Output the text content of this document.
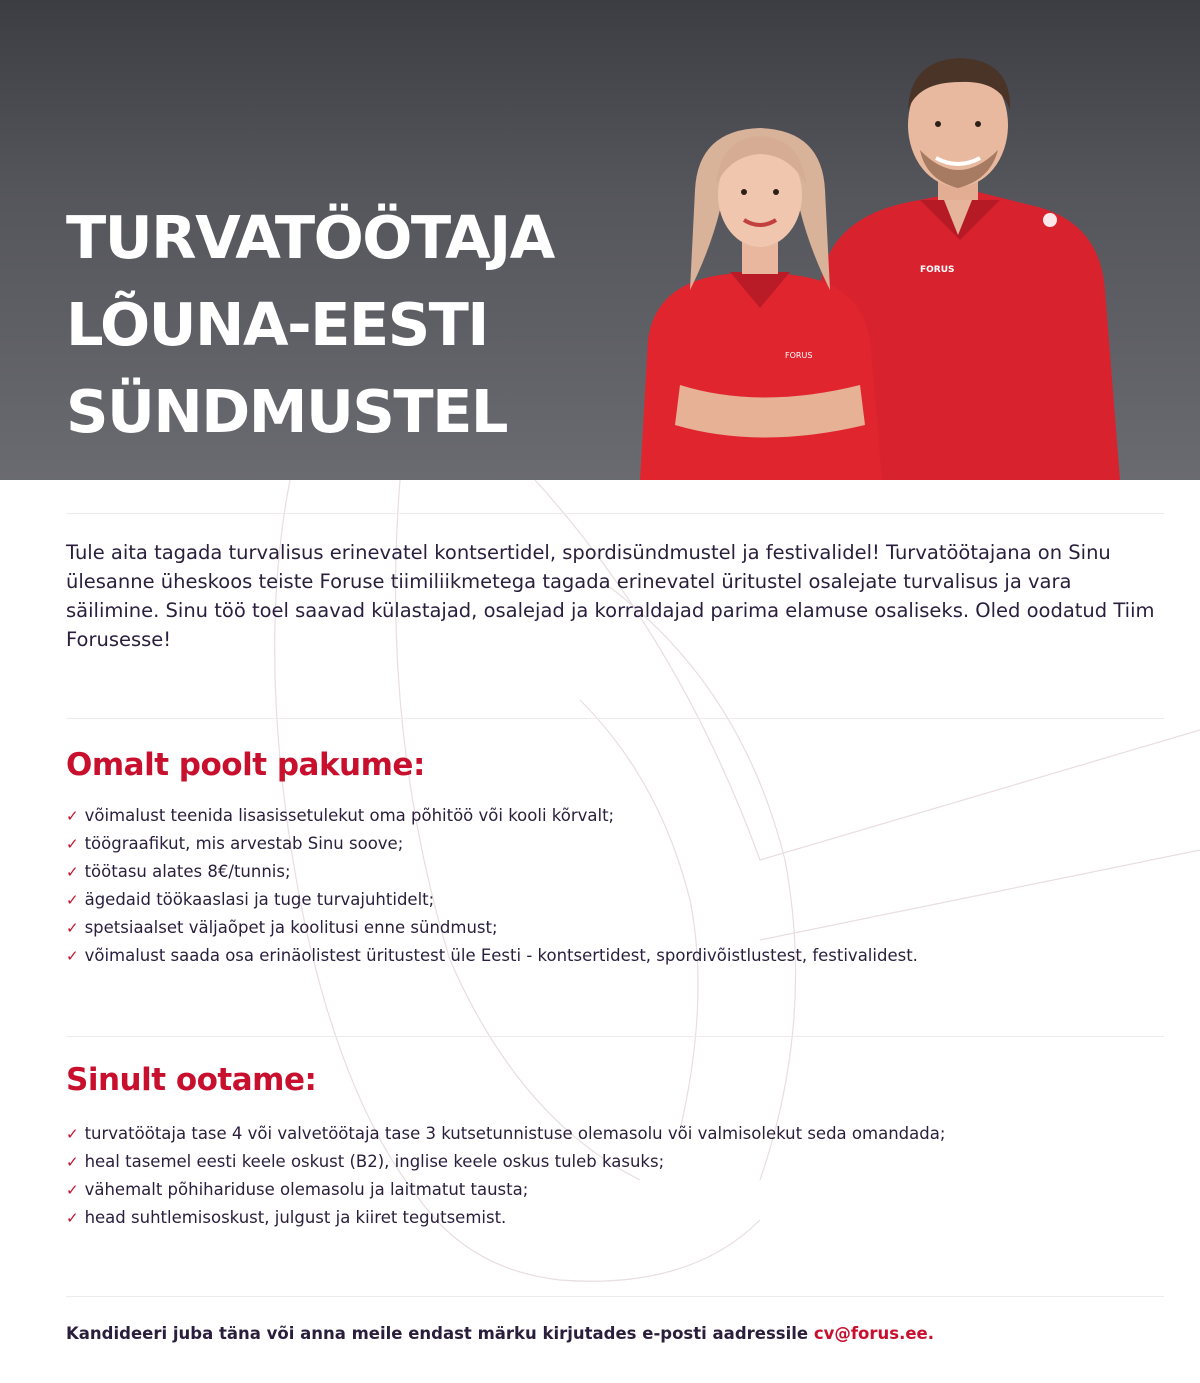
TURVATÖÖTAJA
LÕUNA-EESTI
SÜNDMUSTEL
FORUS
FORUS

Tule aita tagada turvalisus erinevatel kontsertidel, spordisündmustel ja festivalidel! Turvatöötajana on Sinu ülesanne üheskoos teiste Foruse tiimiliikmetega tagada erinevatel üritustel osalejate turvalisus ja vara säilimine. Sinu töö toel saavad külastajad, osalejad ja korraldajad parima elamuse osaliseks. Oled oodatud Tiim Forusesse!

Omalt poolt pakume:
✓ võimalust teenida lisasissetulekut oma põhitöö või kooli kõrvalt;
✓ töögraafikut, mis arvestab Sinu soove;
✓ töötasu alates 8€/tunnis;
✓ ägedaid töökaaslasi ja tuge turvajuhtidelt;
✓ spetsiaalset väljaõpet ja koolitusi enne sündmust;
✓ võimalust saada osa erinäolistest üritustest üle Eesti - kontsertidest, spordivõistlustest, festivalidest.
Sinult ootame:
✓ turvatöötaja tase 4 või valvetöötaja tase 3 kutsetunnistuse olemasolu või valmisolekut seda omandada;
✓ heal tasemel eesti keele oskust (B2), inglise keele oskus tuleb kasuks;
✓ vähemalt põhihariduse olemasolu ja laitmatut tausta;
✓ head suhtlemisoskust, julgust ja kiiret tegutsemist.

Kandideeri juba täna või anna meile endast märku kirjutades e-posti aadressile cv@forus.ee.
